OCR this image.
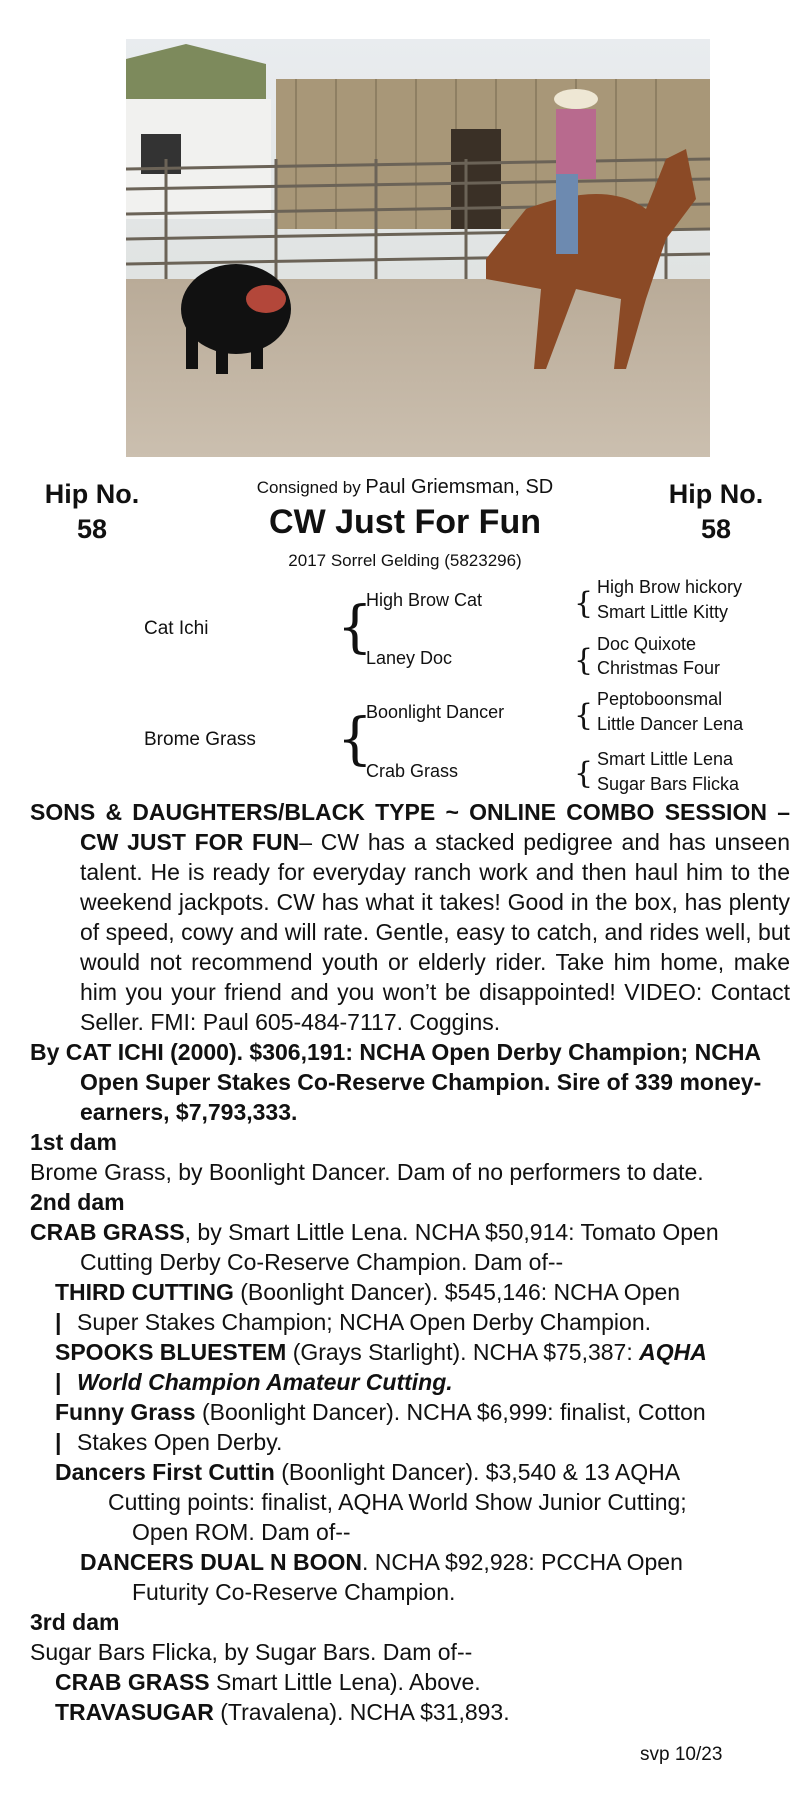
Hip No.
58
Hip No.
58
Consigned by Paul Griemsman, SD
CW Just For Fun
2017 Sorrel Gelding (5823296)
Cat Ichi
Brome Grass
{
{
High Brow Cat
Laney Doc
Boonlight Dancer
Crab Grass
{
{
{
{
High Brow hickory
Smart Little Kitty
Doc Quixote
Christmas Four
Peptoboonsmal
Little Dancer Lena
Smart Little Lena
Sugar Bars Flicka

SONS & DAUGHTERS/BLACK TYPE ~ ONLINE COMBO SESSION – CW JUST FOR FUN– CW has a stacked pedigree and has unseen talent. He is ready for everyday ranch work and then haul him to the weekend jackpots. CW has what it takes! Good in the box, has plenty of speed, cowy and will rate. Gentle, easy to catch, and rides well, but would not recommend youth or elderly rider. Take him home, make him you your friend and you won’t be disappointed! VIDEO: Contact Seller. FMI: Paul 605-484-7117. Coggins.

By CAT ICHI (2000). $306,191: NCHA Open Derby Champion; NCHA Open Super Stakes Co-Reserve Champion. Sire of 339 money-earners, $7,793,333.

1st dam

Brome Grass, by Boonlight Dancer. Dam of no performers to date.

2nd dam

CRAB GRASS, by Smart Little Lena. NCHA $50,914: Tomato Open Cutting Derby Co-Reserve Champion. Dam of--

THIRD CUTTING (Boonlight Dancer). $545,146: NCHA Open

| Super Stakes Champion; NCHA Open Derby Champion.

SPOOKS BLUESTEM (Grays Starlight). NCHA $75,387: AQHA

| World Champion Amateur Cutting.

Funny Grass (Boonlight Dancer). NCHA $6,999: finalist, Cotton

| Stakes Open Derby.

Dancers First Cuttin (Boonlight Dancer). $3,540 & 13 AQHA

Cutting points: finalist, AQHA World Show Junior Cutting;

Open ROM. Dam of--

DANCERS DUAL N BOON. NCHA $92,928: PCCHA Open

Futurity Co-Reserve Champion.

3rd dam

Sugar Bars Flicka, by Sugar Bars. Dam of--

CRAB GRASS Smart Little Lena). Above.

TRAVASUGAR (Travalena). NCHA $31,893.

svp 10/23
